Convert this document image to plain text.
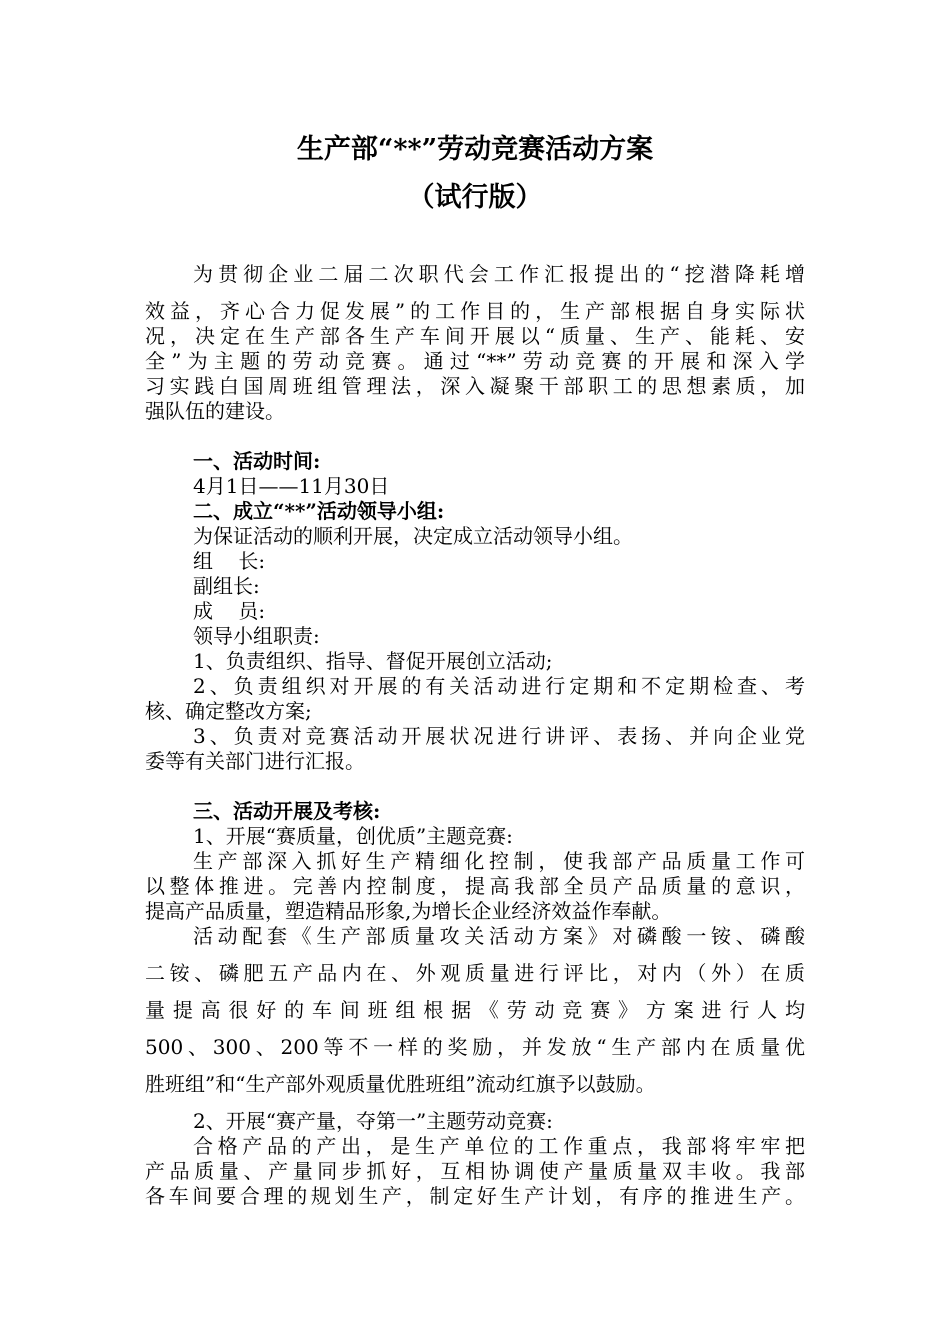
生产部“**”劳动竞赛活动方案
（试行版）
为贯彻企业二届二次职代会工作汇报提出的“挖潜降耗增
效益，齐心合力促发展”的工作目的，生产部根据自身实际状
况，决定在生产部各生产车间开展以“质量、生产、能耗、安
全”为主题的劳动竞赛。通过“**”劳动竞赛的开展和深入学
习实践白国周班组管理法，深入凝聚干部职工的思想素质，加
强队伍的建设。
一、活动时间:
4月1日——11月30日
二、成立“**”活动领导小组:
为保证活动的顺利开展，决定成立活动领导小组。
组    长:
副组长:
成    员:
领导小组职责:
1、负责组织、指导、督促开展创立活动;
2、负责组织对开展的有关活动进行定期和不定期检查、考
核、确定整改方案;
3、负责对竞赛活动开展状况进行讲评、表扬、并向企业党
委等有关部门进行汇报。
三、活动开展及考核:
1、开展“赛质量，创优质”主题竞赛:
生产部深入抓好生产精细化控制，使我部产品质量工作可
以整体推进。完善内控制度，提高我部全员产品质量的意识，
提高产品质量，塑造精品形象,为增长企业经济效益作奉献。
活动配套《生产部质量攻关活动方案》对磷酸一铵、磷酸
二铵、磷肥五产品内在、外观质量进行评比，对内（外）在质
量提高很好的车间班组根据《劳动竞赛》方案进行人均
500、300、200等不一样的奖励，并发放“生产部内在质量优
胜班组”和“生产部外观质量优胜班组”流动红旗予以鼓励。
2、开展“赛产量，夺第一”主题劳动竞赛:
合格产品的产出，是生产单位的工作重点，我部将牢牢把
产品质量、产量同步抓好，互相协调使产量质量双丰收。我部
各车间要合理的规划生产，制定好生产计划，有序的推进生产。
